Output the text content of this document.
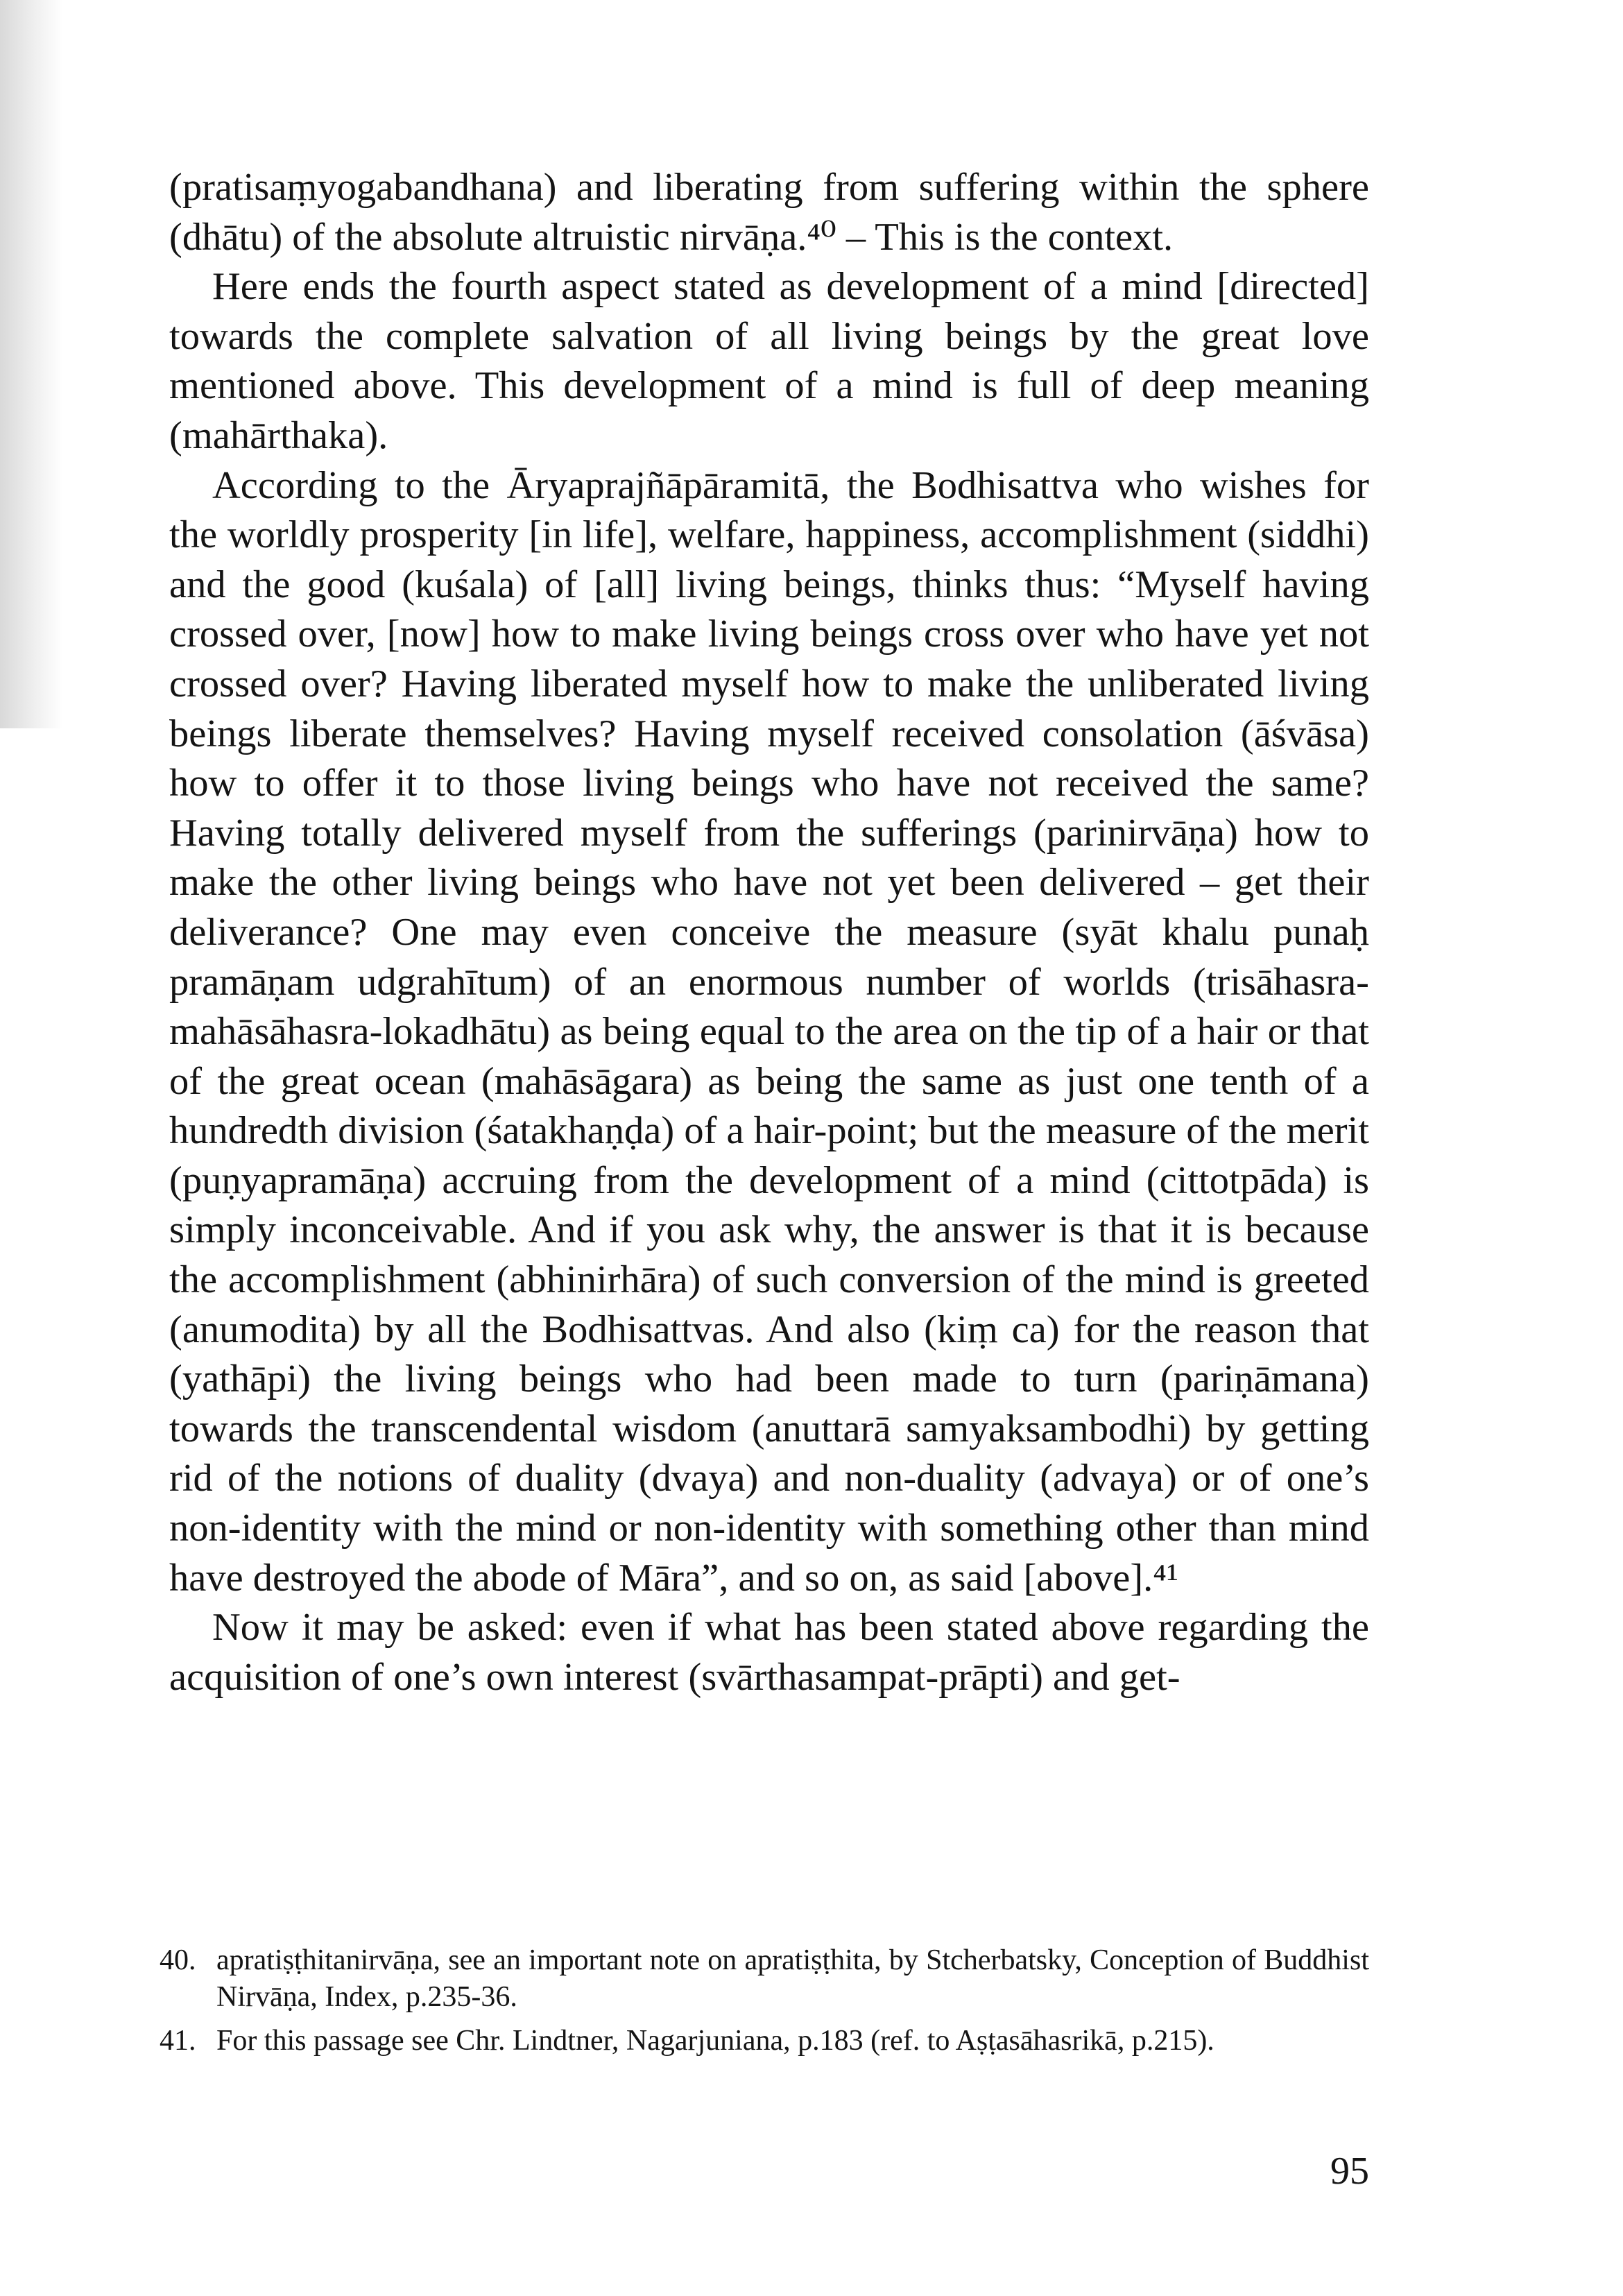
(pratisaṃyogabandhana) and liberating from suffering within the sphere (dhātu) of the absolute altruistic nirvāṇa.⁴⁰ – This is the context.

Here ends the fourth aspect stated as development of a mind [directed] towards the complete salvation of all living beings by the great love mentioned above. This development of a mind is full of deep meaning (mahārthaka).

According to the Āryaprajñāpāramitā, the Bodhisattva who wishes for the worldly prosperity [in life], welfare, happiness, accomplishment (siddhi) and the good (kuśala) of [all] living beings, thinks thus: “Myself having crossed over, [now] how to make living beings cross over who have yet not crossed over? Having liberated myself how to make the unliberated living beings liberate themselves? Having myself received consolation (āśvāsa) how to offer it to those living beings who have not received the same? Having totally delivered myself from the sufferings (parinirvāṇa) how to make the other living beings who have not yet been delivered – get their deliverance? One may even conceive the measure (syāt khalu punaḥ pramāṇam udgrahītum) of an enormous number of worlds (trisāhasra-mahāsāhasra-lokadhātu) as being equal to the area on the tip of a hair or that of the great ocean (mahāsāgara) as being the same as just one tenth of a hundredth division (śatakhaṇḍa) of a hair-point; but the measure of the merit (puṇyapramāṇa) accruing from the development of a mind (cittotpāda) is simply inconceivable. And if you ask why, the answer is that it is because the accomplishment (abhinirhāra) of such conversion of the mind is greeted (anumodita) by all the Bodhisattvas. And also (kiṃ ca) for the reason that (yathāpi) the living beings who had been made to turn (pariṇāmana) towards the transcendental wisdom (anuttarā samyaksambodhi) by getting rid of the notions of duality (dvaya) and non-duality (advaya) or of one’s non-identity with the mind or non-identity with something other than mind have destroyed the abode of Māra”, and so on, as said [above].⁴¹

Now it may be asked: even if what has been stated above regarding the acquisition of one’s own interest (svārthasampat-prāpti) and get-

40. apratiṣṭhitanirvāṇa, see an important note on apratiṣṭhita, by Stcherbatsky, Conception of Buddhist Nirvāṇa, Index, p.235-36.
41. For this passage see Chr. Lindtner, Nagarjuniana, p.183 (ref. to Aṣṭasāhasrikā, p.215).
95
